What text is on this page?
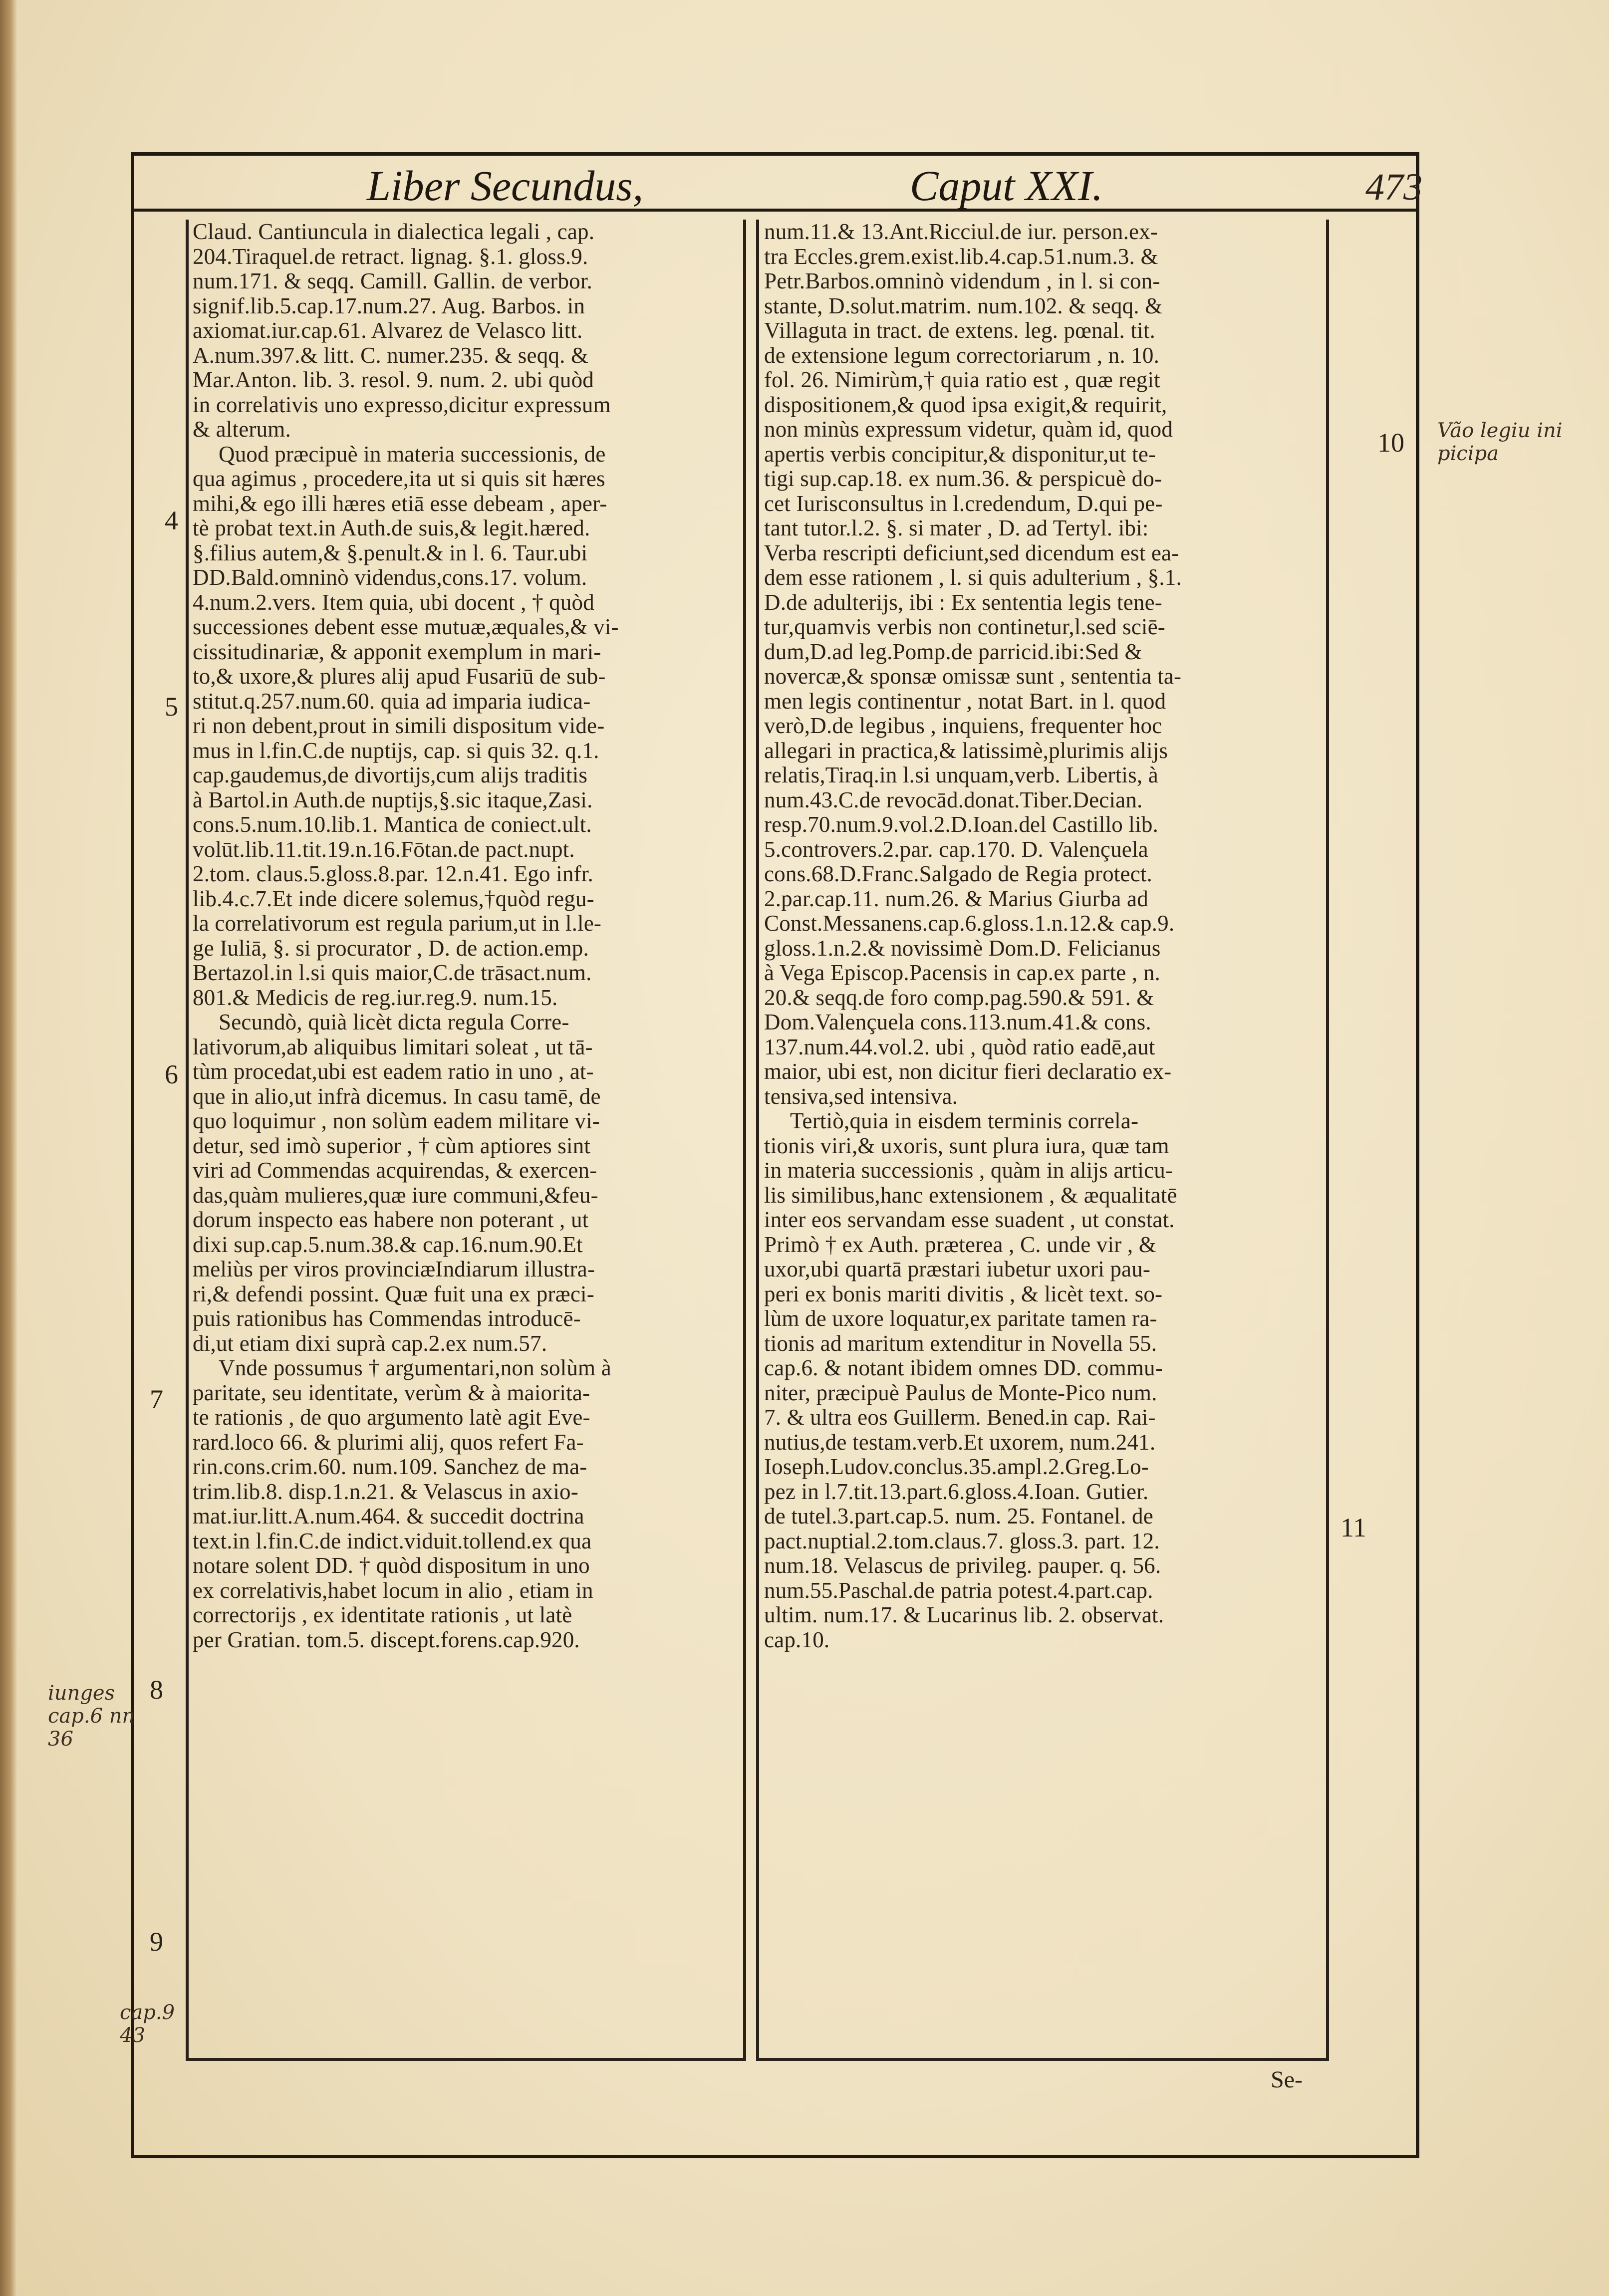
Liber Secundus,	Caput XXI.	473
Claud. Cantiuncula in dialectica legali , cap.
204.Tiraquel.de retract. lignag. §.1. gloss.9.
num.171. & seqq. Camill. Gallin. de verbor.
signif.lib.5.cap.17.num.27. Aug. Barbos. in
axiomat.iur.cap.61. Alvarez de Velasco litt.
A.num.397.& litt. C. numer.235. & seqq. &
Mar.Anton. lib. 3. resol. 9. num. 2. ubi quòd
in correlativis uno expresso,dicitur expressum
& alterum.
Quod præcipuè in materia successionis, de
qua agimus , procedere,ita ut si quis sit hæres
mihi,& ego illi hæres etiā esse debeam , aper-
tè probat text.in Auth.de suis,& legit.hæred.
§.filius autem,& §.penult.& in l. 6. Taur.ubi
DD.Bald.omninò videndus,cons.17. volum.
4.num.2.vers. Item quia, ubi docent , † quòd
successiones debent esse mutuæ,æquales,& vi-
cissitudinariæ, & apponit exemplum in mari-
to,& uxore,& plures alij apud Fusariū de sub-
stitut.q.257.num.60. quia ad imparia iudica-
ri non debent,prout in simili dispositum vide-
mus in l.fin.C.de nuptijs, cap. si quis 32. q.1.
cap.gaudemus,de divortijs,cum alijs traditis
à Bartol.in Auth.de nuptijs,§.sic itaque,Zasi.
cons.5.num.10.lib.1. Mantica de coniect.ult.
volūt.lib.11.tit.19.n.16.Fōtan.de pact.nupt.
2.tom. claus.5.gloss.8.par. 12.n.41. Ego infr.
lib.4.c.7.Et inde dicere solemus,†quòd regu-
la correlativorum est regula parium,ut in l.le-
ge Iuliā, §. si procurator , D. de action.emp.
Bertazol.in l.si quis maior,C.de trāsact.num.
801.& Medicis de reg.iur.reg.9. num.15.
Secundò, quià licèt dicta regula Corre-
lativorum,ab aliquibus limitari soleat , ut tā-
tùm procedat,ubi est eadem ratio in uno , at-
que in alio,ut infrà dicemus. In casu tamē, de
quo loquimur , non solùm eadem militare vi-
detur, sed imò superior , † cùm aptiores sint
viri ad Commendas acquirendas, & exercen-
das,quàm mulieres,quæ iure communi,&feu-
dorum inspecto eas habere non poterant , ut
dixi sup.cap.5.num.38.& cap.16.num.90.Et
meliùs per viros provinciæIndiarum illustra-
ri,& defendi possint. Quæ fuit una ex præci-
puis rationibus has Commendas introducē-
di,ut etiam dixi suprà cap.2.ex num.57.
Vnde possumus † argumentari,non solùm à
paritate, seu identitate, verùm & à maiorita-
te rationis , de quo argumento latè agit Eve-
rard.loco 66. & plurimi alij, quos refert Fa-
rin.cons.crim.60. num.109. Sanchez de ma-
trim.lib.8. disp.1.n.21. & Velascus in axio-
mat.iur.litt.A.num.464. & succedit doctrina
text.in l.fin.C.de indict.viduit.tollend.ex qua
notare solent DD. † quòd dispositum in uno
ex correlativis,habet locum in alio , etiam in
correctorijs , ex identitate rationis , ut latè
per Gratian. tom.5. discept.forens.cap.920.
num.11.& 13.Ant.Ricciul.de iur. person.ex-
tra Eccles.grem.exist.lib.4.cap.51.num.3. &
Petr.Barbos.omninò videndum , in l. si con-
stante, D.solut.matrim. num.102. & seqq. &
Villaguta in tract. de extens. leg. pœnal. tit.
de extensione legum correctoriarum , n. 10.
fol. 26. Nimirùm,† quia ratio est , quæ regit
dispositionem,& quod ipsa exigit,& requirit,
non minùs expressum videtur, quàm id, quod
apertis verbis concipitur,& disponitur,ut te-
tigi sup.cap.18. ex num.36. & perspicuè do-
cet Iurisconsultus in l.credendum, D.qui pe-
tant tutor.l.2. §. si mater , D. ad Tertyl. ibi:
Verba rescripti deficiunt,sed dicendum est ea-
dem esse rationem , l. si quis adulterium , §.1.
D.de adulterijs, ibi : Ex sententia legis tene-
tur,quamvis verbis non continetur,l.sed sciē-
dum,D.ad leg.Pomp.de parricid.ibi:Sed &
novercæ,& sponsæ omissæ sunt , sententia ta-
men legis continentur , notat Bart. in l. quod
verò,D.de legibus , inquiens, frequenter hoc
allegari in practica,& latissimè,plurimis alijs
relatis,Tiraq.in l.si unquam,verb. Libertis, à
num.43.C.de revocād.donat.Tiber.Decian.
resp.70.num.9.vol.2.D.Ioan.del Castillo lib.
5.controvers.2.par. cap.170. D. Valençuela
cons.68.D.Franc.Salgado de Regia protect.
2.par.cap.11. num.26. & Marius Giurba ad
Const.Messanens.cap.6.gloss.1.n.12.& cap.9.
gloss.1.n.2.& novissimè Dom.D. Felicianus
à Vega Episcop.Pacensis in cap.ex parte , n.
20.& seqq.de foro comp.pag.590.& 591. &
Dom.Valençuela cons.113.num.41.& cons.
137.num.44.vol.2. ubi , quòd ratio eadē,aut
maior, ubi est, non dicitur fieri declaratio ex-
tensiva,sed intensiva.
Tertiò,quia in eisdem terminis correla-
tionis viri,& uxoris, sunt plura iura, quæ tam
in materia successionis , quàm in alijs articu-
lis similibus,hanc extensionem , & æqualitatē
inter eos servandam esse suadent , ut constat.
Primò † ex Auth. præterea , C. unde vir , &
uxor,ubi quartā præstari iubetur uxori pau-
peri ex bonis mariti divitis , & licèt text. so-
lùm de uxore loquatur,ex paritate tamen ra-
tionis ad maritum extenditur in Novella 55.
cap.6. & notant ibidem omnes DD. commu-
niter, præcipuè Paulus de Monte-Pico num.
7. & ultra eos Guillerm. Bened.in cap. Rai-
nutius,de testam.verb.Et uxorem, num.241.
Ioseph.Ludov.conclus.35.ampl.2.Greg.Lo-
pez in l.7.tit.13.part.6.gloss.4.Ioan. Gutier.
de tutel.3.part.cap.5. num. 25. Fontanel. de
pact.nuptial.2.tom.claus.7. gloss.3. part. 12.
num.18. Velascus de privileg. pauper. q. 56.
num.55.Paschal.de patria potest.4.part.cap.
ultim. num.17. & Lucarinus lib. 2. observat.
cap.10.
4
5
6
7
8
9
10
11
Vão legiu ini
picipa
iunges
cap.6 nn
36
cap.9
43
Se-
